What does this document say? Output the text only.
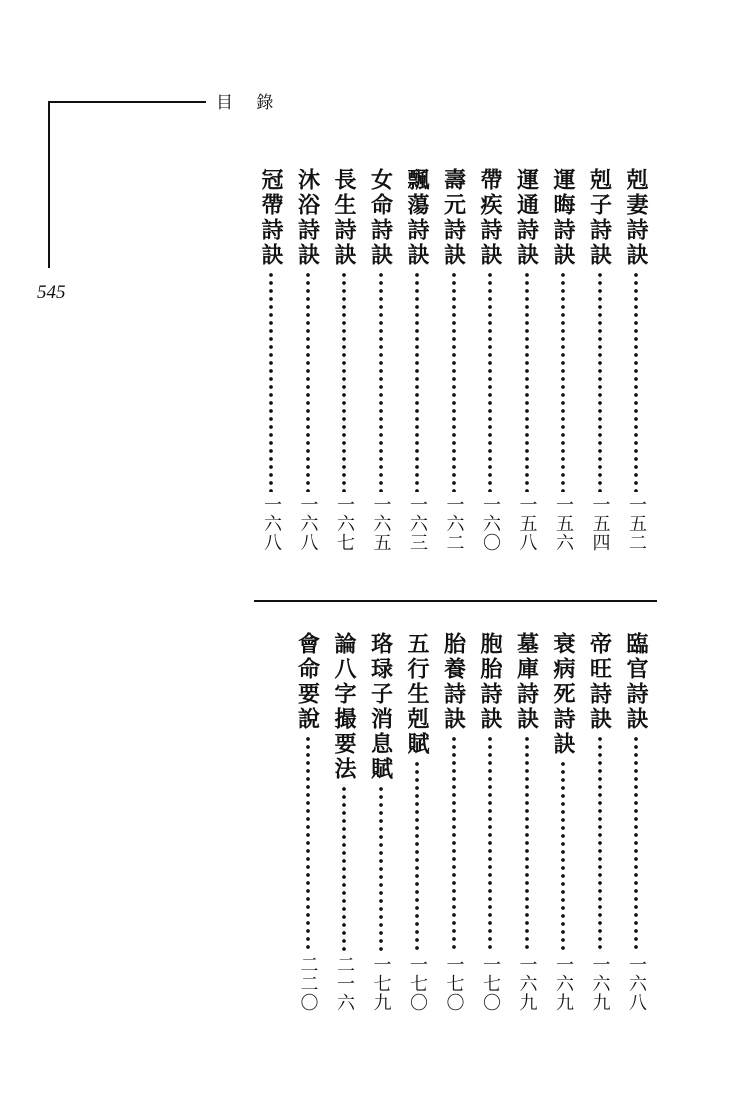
目 錄
545
剋妻詩訣
一五二
剋子詩訣
一五四
運晦詩訣
一五六
運通詩訣
一五八
帶疾詩訣
一六〇
壽元詩訣
一六二
飄蕩詩訣
一六三
女命詩訣
一六五
長生詩訣
一六七
沐浴詩訣
一六八
冠帶詩訣
一六八
臨官詩訣
一六八
帝旺詩訣
一六九
衰病死詩訣
一六九
墓庫詩訣
一六九
胞胎詩訣
一七〇
胎養詩訣
一七〇
五行生剋賦
一七〇
珞琭子消息賦
一七九
論八字撮要法
二一六
會命要說
二二〇
